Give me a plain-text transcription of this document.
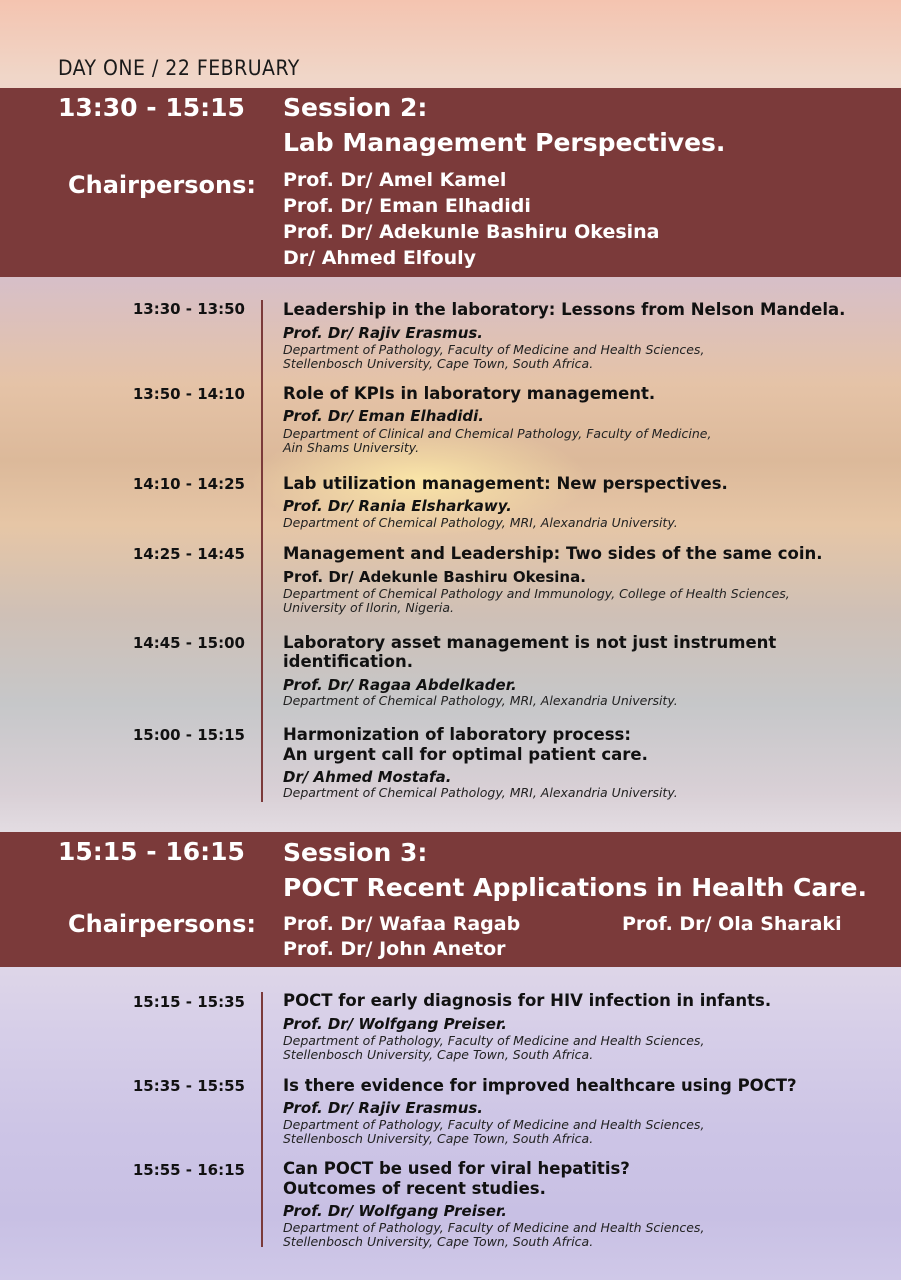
DAY ONE / 22 FEBRUARY
13:30 - 15:15 Session 2:
Lab Management Perspectives.
Chairpersons: Prof. Dr/ Amel Kamel
Prof. Dr/ Eman Elhadidi
Prof. Dr/ Adekunle Bashiru Okesina
Dr/ Ahmed Elfouly
13:30 - 13:50 Leadership in the laboratory: Lessons from Nelson Mandela.
Prof. Dr/ Rajiv Erasmus.
Department of Pathology, Faculty of Medicine and Health Sciences,
Stellenbosch University, Cape Town, South Africa.
13:50 - 14:10 Role of KPIs in laboratory management.
Prof. Dr/ Eman Elhadidi.
Department of Clinical and Chemical Pathology, Faculty of Medicine,
Ain Shams University.
14:10 - 14:25 Lab utilization management: New perspectives.
Prof. Dr/ Rania Elsharkawy.
Department of Chemical Pathology, MRI, Alexandria University.
14:25 - 14:45 Management and Leadership: Two sides of the same coin.
Prof. Dr/ Adekunle Bashiru Okesina.
Department of Chemical Pathology and Immunology, College of Health Sciences,
University of Ilorin, Nigeria.
14:45 - 15:00 Laboratory asset management is not just instrument
identification.
Prof. Dr/ Ragaa Abdelkader.
Department of Chemical Pathology, MRI, Alexandria University.
15:00 - 15:15 Harmonization of laboratory process:
An urgent call for optimal patient care.
Dr/ Ahmed Mostafa.
Department of Chemical Pathology, MRI, Alexandria University.
15:15 - 16:15 Session 3:
POCT Recent Applications in Health Care.
Chairpersons: Prof. Dr/ Wafaa Ragab	Prof. Dr/ Ola Sharaki
Prof. Dr/ John Anetor
15:15 - 15:35 POCT for early diagnosis for HIV infection in infants.
Prof. Dr/ Wolfgang Preiser.
Department of Pathology, Faculty of Medicine and Health Sciences,
Stellenbosch University, Cape Town, South Africa.
15:35 - 15:55 Is there evidence for improved healthcare using POCT?
Prof. Dr/ Rajiv Erasmus.
Department of Pathology, Faculty of Medicine and Health Sciences,
Stellenbosch University, Cape Town, South Africa.
15:55 - 16:15 Can POCT be used for viral hepatitis?
Outcomes of recent studies.
Prof. Dr/ Wolfgang Preiser.
Department of Pathology, Faculty of Medicine and Health Sciences,
Stellenbosch University, Cape Town, South Africa.
